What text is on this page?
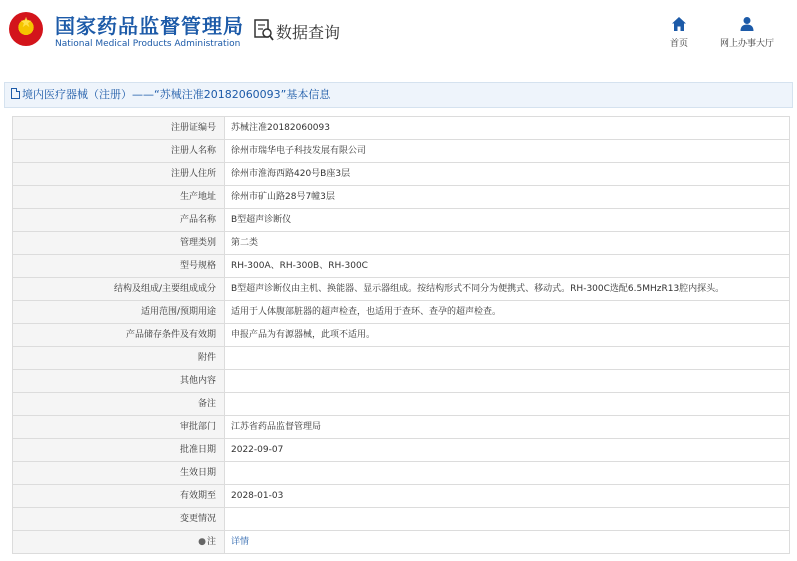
★	国家药品监督管理局
National Medical Products Administration
数据查询
首页	网上办事大厅
境内医疗器械（注册）——“苏械注准20182060093”基本信息
注册证编号	苏械注准20182060093
注册人名称	徐州市瑞华电子科技发展有限公司
注册人住所	徐州市淮海西路420号B座3层
生产地址	徐州市矿山路28号7幢3层
产品名称	B型超声诊断仪
管理类别	第二类
型号规格	RH-300A、RH-300B、RH-300C
结构及组成/主要组成成分	B型超声诊断仪由主机、换能器、显示器组成。按结构形式不同分为便携式、移动式。RH-300C选配6.5MHzR13腔内探头。
适用范围/预期用途	适用于人体腹部脏器的超声检查，也适用于查环、查孕的超声检查。
产品储存条件及有效期	申报产品为有源器械，此项不适用。
附件	
其他内容	
备注	
审批部门	江苏省药品监督管理局
批准日期	2022-09-07
生效日期	
有效期至	2028-01-03
变更情况	
●注	详情
